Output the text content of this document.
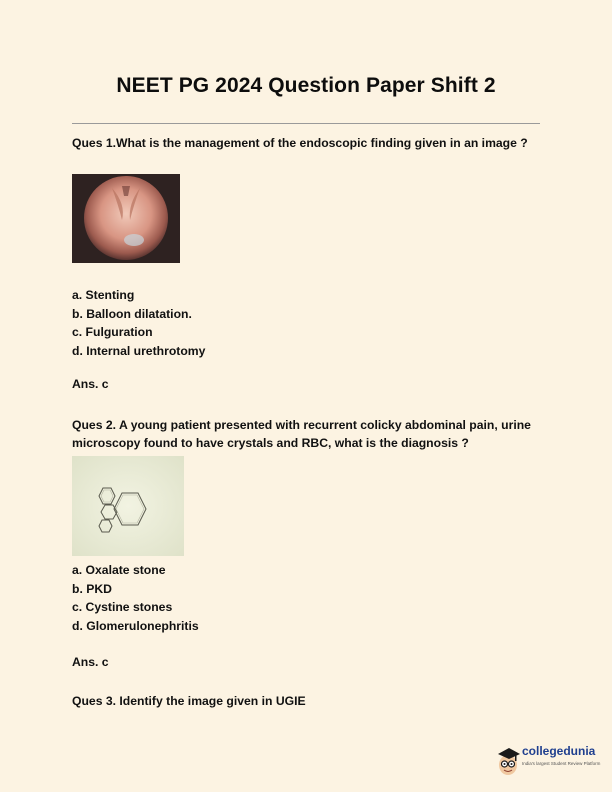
NEET PG 2024 Question Paper Shift 2
Ques 1.What is the management of the endoscopic finding given in an image ?
a. Stenting
b. Balloon dilatation.
c. Fulguration
d. Internal urethrotomy
Ans. c
Ques 2. A young patient presented with recurrent colicky abdominal pain, urine microscopy found to have crystals and RBC, what is the diagnosis ?
a. Oxalate stone
b. PKD
c. Cystine stones
d. Glomerulonephritis
Ans. c
Ques 3. Identify the image given in UGIE
collegedunia
India's largest Student Review Platform
